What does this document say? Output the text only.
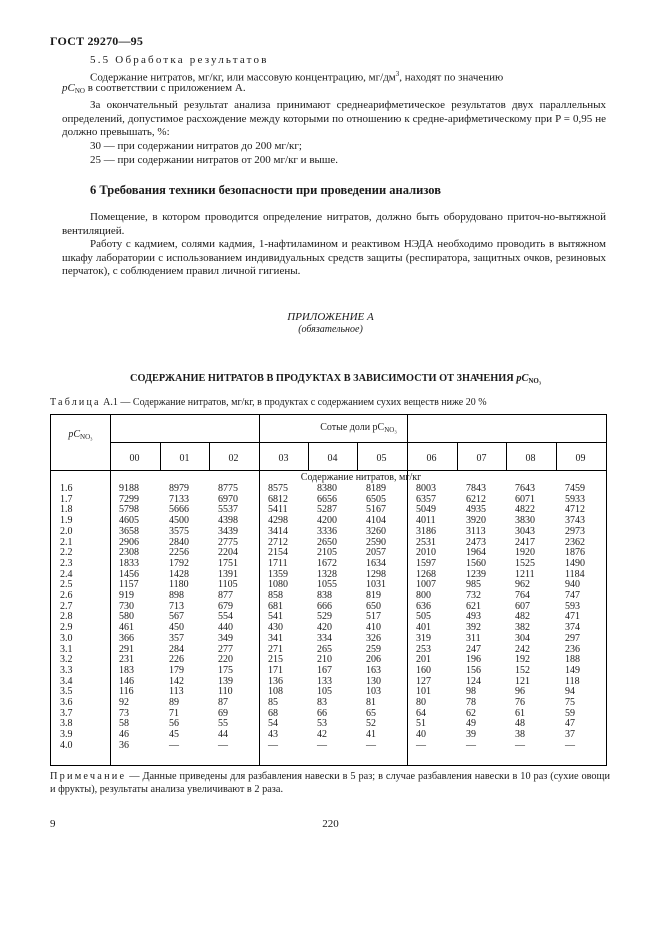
ГОСТ 29270—95
5.5 Обработка результатов
Содержание нитратов, мг/кг, или массовую концентрацию, $мг/дм^3$, находят по значению
$pC_{NO}$ в соответствии с приложением А.
За окончательный результат анализа принимают среднеарифметическое результатов двух параллельных определений, допустимое расхождение между которыми по отношению к средне-арифметическому при P = 0,95 не должно превышать, %:
30 — при содержании нитратов до 200 мг/кг;
25 — при содержании нитратов от 200 мг/кг и выше.
6 Требования техники безопасности при проведении анализов
Помещение, в котором проводится определение нитратов, должно быть оборудовано приточ-но-вытяжной вентиляцией.
Работу с кадмием, солями кадмия, 1-нафтиламином и реактивом НЭДА необходимо проводить в вытяжном шкафу лаборатории с использованием индивидуальных средств защиты (респиратора, защитных очков, резиновых перчаток), с соблюдением правил личной гигиены.
ПРИЛОЖЕНИЕ А
(обязательное)
СОДЕРЖАНИЕ НИТРАТОВ В ПРОДУКТАХ В ЗАВИСИМОСТИ ОТ ЗНАЧЕНИЯ $pC_{NO_3}$
Таблица А.1 — Содержание нитратов, мг/кг, в продуктах с содержанием сухих веществ ниже 20 %
$pC_{NO_3}$
Сотые доли $pC_{NO_3}$
Содержание нитратов, мг/кг
00	01	02	03	04	05	06	07	08	09
1.6	9188	8979	8775	8575	8380	8189	8003	7843	7643	7459
1.7	7299	7133	6970	6812	6656	6505	6357	6212	6071	5933
1.8	5798	5666	5537	5411	5287	5167	5049	4935	4822	4712
1.9	4605	4500	4398	4298	4200	4104	4011	3920	3830	3743
2.0	3658	3575	3439	3414	3336	3260	3186	3113	3043	2973
2.1	2906	2840	2775	2712	2650	2590	2531	2473	2417	2362
2.2	2308	2256	2204	2154	2105	2057	2010	1964	1920	1876
2.3	1833	1792	1751	1711	1672	1634	1597	1560	1525	1490
2.4	1456	1428	1391	1359	1328	1298	1268	1239	1211	1184
2.5	1157	1180	1105	1080	1055	1031	1007	985	962	940
2.6	919	898	877	858	838	819	800	732	764	747
2.7	730	713	679	681	666	650	636	621	607	593
2.8	580	567	554	541	529	517	505	493	482	471
2.9	461	450	440	430	420	410	401	392	382	374
3.0	366	357	349	341	334	326	319	311	304	297
3.1	291	284	277	271	265	259	253	247	242	236
3.2	231	226	220	215	210	206	201	196	192	188
3.3	183	179	175	171	167	163	160	156	152	149
3.4	146	142	139	136	133	130	127	124	121	118
3.5	116	113	110	108	105	103	101	98	96	94
3.6	92	89	87	85	83	81	80	78	76	75
3.7	73	71	69	68	66	65	64	62	61	59
3.8	58	56	55	54	53	52	51	49	48	47
3.9	46	45	44	43	42	41	40	39	38	37
4.0	36	—	—	—	—	—	—	—	—	—
Примечание — Данные приведены для разбавления навески в 5 раз; в случае разбавления навески в 10 раз (сухие овощи и фрукты), результаты анализа увеличивают в 2 раза.
9	220
